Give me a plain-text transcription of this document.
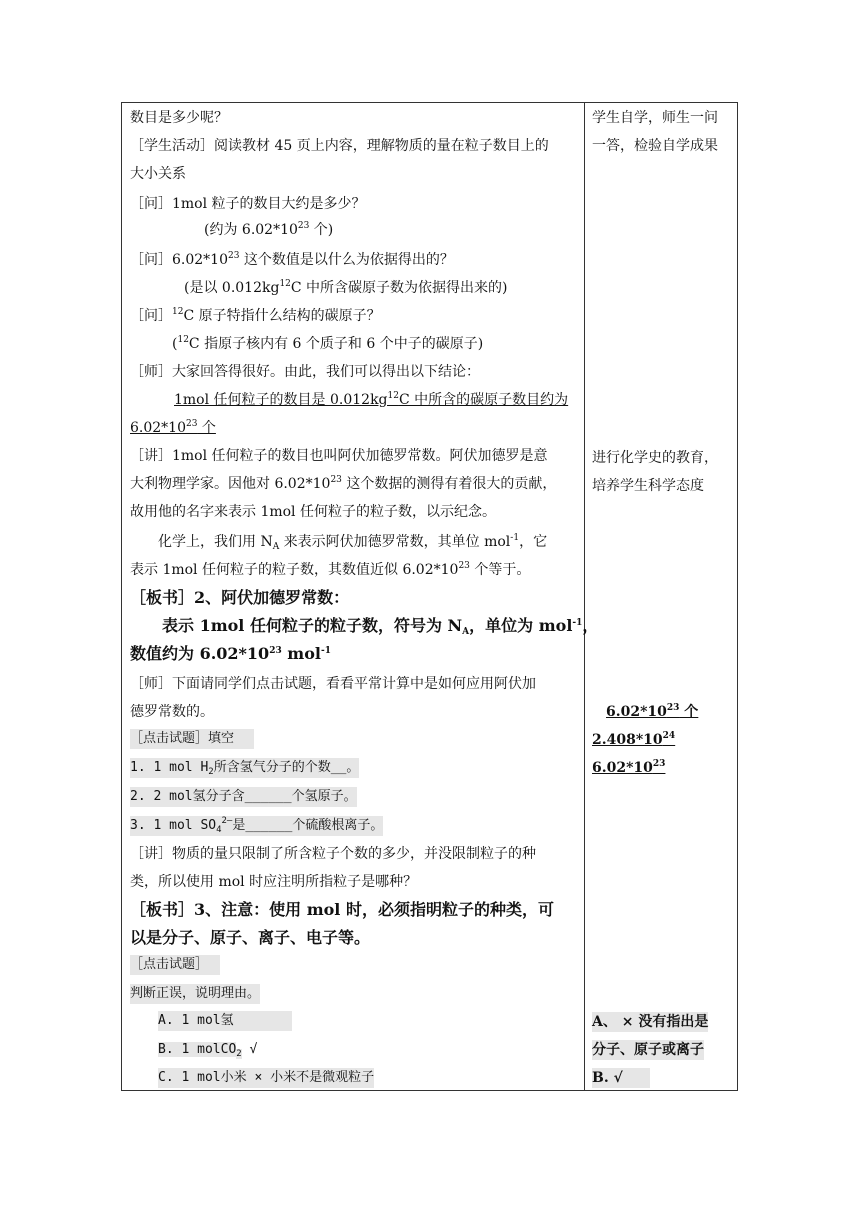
数目是多少呢？
［学生活动］阅读教材 45 页上内容，理解物质的量在粒子数目上的
大小关系
［问］1mol 粒子的数目大约是多少？
(约为 $6.02*10^{23}$ 个)
［问$]6.02*10^{23}$ 这个数值是以什么为依据得出的？
(是以 $0.012kg^{12}C$ 中所含碳原子数为依据得出来的)
［问］$^{12}$C 原子特指什么结构的碳原子？
($^{12}$C 指原子核内有 6 个质子和 6 个中子的碳原子)
［师］大家回答得很好。由此，我们可以得出以下结论：
1mol 任何粒子的数目是 $0.012kg^{12}C$ 中所含的碳原子数目约为
$6.02*10^{23}$ 个
［讲］1mol 任何粒子的数目也叫阿伏加德罗常数。阿伏加德罗是意
大利物理学家。因他对 $6.02*10^{23}$ 这个数据的测得有着很大的贡献，
故用他的名字来表示 1mol 任何粒子的粒子数，以示纪念。
化学上，我们用 $N_A$ 来表示阿伏加德罗常数，其单位 mol$^{-1}$，它
表示 1mol 任何粒子的粒子数，其数值近似 $6.02*10^{23}$ 个等于。
［板书］2、阿伏加德罗常数：
表示 1mol 任何粒子的粒子数，符号为 $N_A$，单位为 mol$^{-1}$，
数值约为 $6.02*10^{23}$ mol$^{-1}$
［师］下面请同学们点击试题，看看平常计算中是如何应用阿伏加
德罗常数的。
［点击试题］填空
1. 1 mol $H_2$所含氢气分子的个数__。
2. 2 mol氢分子含______个氢原子。
3. 1 mol $SO_4^{2—}$是______个硫酸根离子。
［讲］物质的量只限制了所含粒子个数的多少，并没限制粒子的种
类，所以使用 mol 时应注明所指粒子是哪种？
［板书］3、注意：使用 mol 时，必须指明粒子的种类，可
以是分子、原子、离子、电子等。
［点击试题］
判断正误，说明理由。
A. 1 mol氢
B. 1 molCO$_2$ √
C. 1 mol小米 × 小米不是微观粒子
学生自学，师生一问
一答，检验自学成果
进行化学史的教育，
培养学生科学态度
$6.02*10^{23}$ 个
$2.408*10^{24}$
$6.02*10^{23}$
A、 × 没有指出是
分子、原子或离子
B. √
